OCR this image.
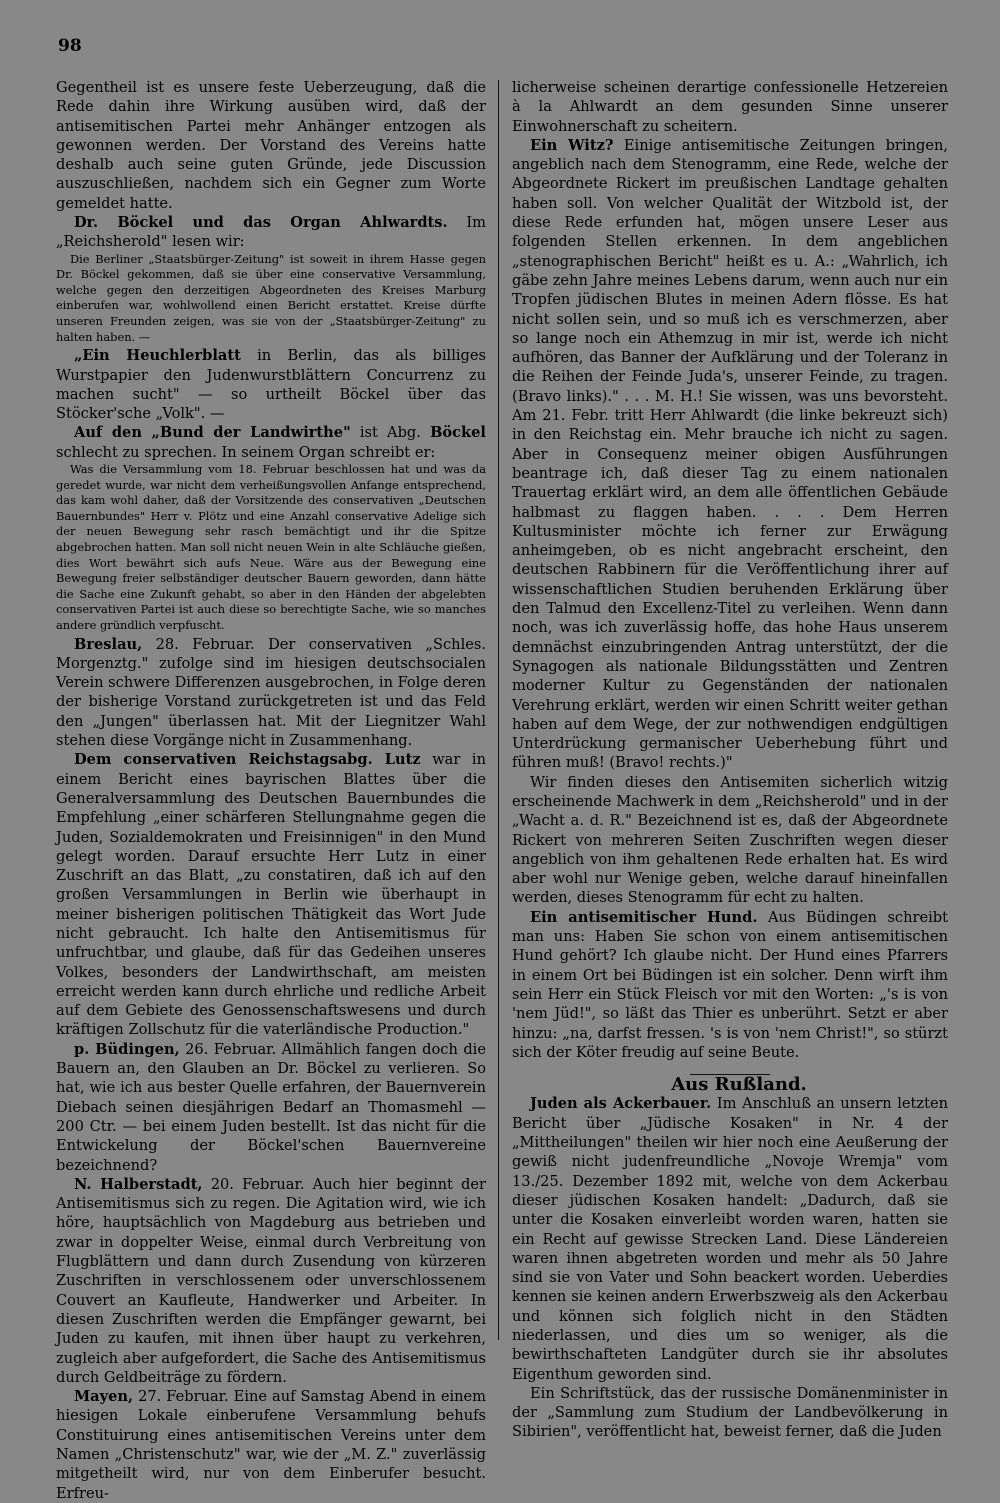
98

Gegentheil ist es unsere feste Ueberzeugung, daß die Rede dahin ihre Wirkung ausüben wird, daß der antisemitischen Partei mehr Anhänger entzogen als gewonnen werden. Der Vorstand des Vereins hatte deshalb auch seine guten Gründe, jede Discussion auszuschließen, nachdem sich ein Gegner zum Worte gemeldet hatte.

Dr. Böckel und das Organ Ahlwardts. Im „Reichsherold" lesen wir:

Die Berliner „Staatsbürger-Zeitung" ist soweit in ihrem Hasse gegen Dr. Böckel gekommen, daß sie über eine conservative Versammlung, welche gegen den derzeitigen Abgeordneten des Kreises Marburg einberufen war, wohlwollend einen Bericht erstattet. Kreise dürfte unseren Freunden zeigen, was sie von der „Staatsbürger-Zeitung" zu halten haben. —

„Ein Heuchlerblatt in Berlin, das als billiges Wurstpapier den Judenwurstblättern Concurrenz zu machen sucht" — so urtheilt Böckel über das Stöcker'sche „Volk". —

Auf den „Bund der Landwirthe" ist Abg. Böckel schlecht zu sprechen. In seinem Organ schreibt er:

Was die Versammlung vom 18. Februar beschlossen hat und was da geredet wurde, war nicht dem verheißungsvollen Anfange entsprechend, das kam wohl daher, daß der Vorsitzende des conservativen „Deutschen Bauernbundes" Herr v. Plötz und eine Anzahl conservative Adelige sich der neuen Bewegung sehr rasch bemächtigt und ihr die Spitze abgebrochen hatten. Man soll nicht neuen Wein in alte Schläuche gießen, dies Wort bewährt sich aufs Neue. Wäre aus der Bewegung eine Bewegung freier selbständiger deutscher Bauern geworden, dann hätte die Sache eine Zukunft gehabt, so aber in den Händen der abgelebten conservativen Partei ist auch diese so berechtigte Sache, wie so manches andere gründlich verpfuscht.

Breslau, 28. Februar. Der conservativen „Schles. Morgenztg." zufolge sind im hiesigen deutschsocialen Verein schwere Differenzen ausgebrochen, in Folge deren der bisherige Vorstand zurückgetreten ist und das Feld den „Jungen" überlassen hat. Mit der Liegnitzer Wahl stehen diese Vorgänge nicht in Zusammenhang.

Dem conservativen Reichstagsabg. Lutz war in einem Bericht eines bayrischen Blattes über die Generalversammlung des Deutschen Bauernbundes die Empfehlung „einer schärferen Stellungnahme gegen die Juden, Sozialdemokraten und Freisinnigen" in den Mund gelegt worden. Darauf ersuchte Herr Lutz in einer Zuschrift an das Blatt, „zu constatiren, daß ich auf den großen Versammlungen in Berlin wie überhaupt in meiner bisherigen politischen Thätigkeit das Wort Jude nicht gebraucht. Ich halte den Antisemitismus für unfruchtbar, und glaube, daß für das Gedeihen unseres Volkes, besonders der Landwirthschaft, am meisten erreicht werden kann durch ehrliche und redliche Arbeit auf dem Gebiete des Genossenschaftswesens und durch kräftigen Zollschutz für die vaterländische Production."

p. Büdingen, 26. Februar. Allmählich fangen doch die Bauern an, den Glauben an Dr. Böckel zu verlieren. So hat, wie ich aus bester Quelle erfahren, der Bauernverein Diebach seinen diesjährigen Bedarf an Thomasmehl — 200 Ctr. — bei einem Juden bestellt. Ist das nicht für die Entwickelung der Böckel'schen Bauernvereine bezeichnend?

N. Halberstadt, 20. Februar. Auch hier beginnt der Antisemitismus sich zu regen. Die Agitation wird, wie ich höre, hauptsächlich von Magdeburg aus betrieben und zwar in doppelter Weise, einmal durch Verbreitung von Flugblättern und dann durch Zusendung von kürzeren Zuschriften in verschlossenem oder unverschlossenem Couvert an Kaufleute, Handwerker und Arbeiter. In diesen Zuschriften werden die Empfänger gewarnt, bei Juden zu kaufen, mit ihnen über haupt zu verkehren, zugleich aber aufgefordert, die Sache des Antisemitismus durch Geldbeiträge zu fördern.

Mayen, 27. Februar. Eine auf Samstag Abend in einem hiesigen Lokale einberufene Versammlung behufs Constituirung eines antisemitischen Vereins unter dem Namen „Christenschutz" war, wie der „M. Z." zuverlässig mitgetheilt wird, nur von dem Einberufer besucht. Erfreu-

licherweise scheinen derartige confessionelle Hetzereien à la Ahlwardt an dem gesunden Sinne unserer Einwohnerschaft zu scheitern.

Ein Witz? Einige antisemitische Zeitungen bringen, angeblich nach dem Stenogramm, eine Rede, welche der Abgeordnete Rickert im preußischen Landtage gehalten haben soll. Von welcher Qualität der Witzbold ist, der diese Rede erfunden hat, mögen unsere Leser aus folgenden Stellen erkennen. In dem angeblichen „stenographischen Bericht" heißt es u. A.: „Wahrlich, ich gäbe zehn Jahre meines Lebens darum, wenn auch nur ein Tropfen jüdischen Blutes in meinen Adern flösse. Es hat nicht sollen sein, und so muß ich es verschmerzen, aber so lange noch ein Athemzug in mir ist, werde ich nicht aufhören, das Banner der Aufklärung und der Toleranz in die Reihen der Feinde Juda's, unserer Feinde, zu tragen. (Bravo links)." . . . M. H.! Sie wissen, was uns bevorsteht. Am 21. Febr. tritt Herr Ahlwardt (die linke bekreuzt sich) in den Reichstag ein. Mehr brauche ich nicht zu sagen. Aber in Consequenz meiner obigen Ausführungen beantrage ich, daß dieser Tag zu einem nationalen Trauertag erklärt wird, an dem alle öffentlichen Gebäude halbmast zu flaggen haben. . . . Dem Herren Kultusminister möchte ich ferner zur Erwägung anheimgeben, ob es nicht angebracht erscheint, den deutschen Rabbinern für die Veröffentlichung ihrer auf wissenschaftlichen Studien beruhenden Erklärung über den Talmud den Excellenz-Titel zu verleihen. Wenn dann noch, was ich zuverlässig hoffe, das hohe Haus unserem demnächst einzubringenden Antrag unterstützt, der die Synagogen als nationale Bildungsstätten und Zentren moderner Kultur zu Gegenständen der nationalen Verehrung erklärt, werden wir einen Schritt weiter gethan haben auf dem Wege, der zur nothwendigen endgültigen Unterdrückung germanischer Ueberhebung führt und führen muß! (Bravo! rechts.)"

Wir finden dieses den Antisemiten sicherlich witzig erscheinende Machwerk in dem „Reichsherold" und in der „Wacht a. d. R." Bezeichnend ist es, daß der Abgeordnete Rickert von mehreren Seiten Zuschriften wegen dieser angeblich von ihm gehaltenen Rede erhalten hat. Es wird aber wohl nur Wenige geben, welche darauf hineinfallen werden, dieses Stenogramm für echt zu halten.

Ein antisemitischer Hund. Aus Büdingen schreibt man uns: Haben Sie schon von einem antisemitischen Hund gehört? Ich glaube nicht. Der Hund eines Pfarrers in einem Ort bei Büdingen ist ein solcher. Denn wirft ihm sein Herr ein Stück Fleisch vor mit den Worten: „'s is von 'nem Jüd!", so läßt das Thier es unberührt. Setzt er aber hinzu: „na, darfst fressen. 's is von 'nem Christ!", so stürzt sich der Köter freudig auf seine Beute.

Aus Rußland.

Juden als Ackerbauer. Im Anschluß an unsern letzten Bericht über „Jüdische Kosaken" in Nr. 4 der „Mittheilungen" theilen wir hier noch eine Aeußerung der gewiß nicht judenfreundliche „Novoje Wremja" vom 13./25. Dezember 1892 mit, welche von dem Ackerbau dieser jüdischen Kosaken handelt: „Dadurch, daß sie unter die Kosaken einverleibt worden waren, hatten sie ein Recht auf gewisse Strecken Land. Diese Ländereien waren ihnen abgetreten worden und mehr als 50 Jahre sind sie von Vater und Sohn beackert worden. Ueberdies kennen sie keinen andern Erwerbszweig als den Ackerbau und können sich folglich nicht in den Städten niederlassen, und dies um so weniger, als die bewirthschafteten Landgüter durch sie ihr absolutes Eigenthum geworden sind.

Ein Schriftstück, das der russische Domänenminister in der „Sammlung zum Studium der Landbevölkerung in Sibirien", veröffentlicht hat, beweist ferner, daß die Juden
